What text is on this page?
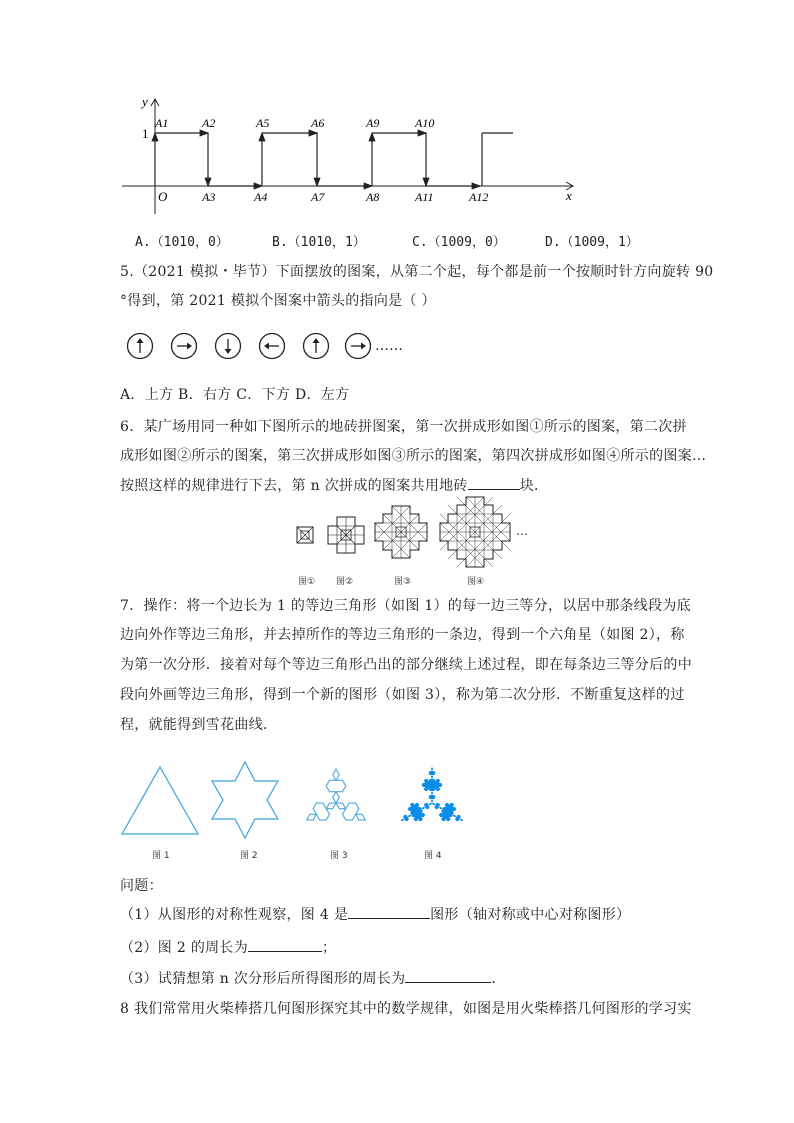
y
x
O
1
A1	A2	A5	A6	A9	A10
A3	A4	A7	A8	A11	A12
A.（1010，0）	B.（1010，1）	C.（1009，0）	D.（1009，1）
5.（2021 模拟・毕节）下面摆放的图案，从第二个起，每个都是前一个按顺时针方向旋转 90
°得到，第 2021 模拟个图案中箭头的指向是（ ）
……
A．上方 B．右方 C．下方 D．左方
6．某广场用同一种如下图所示的地砖拼图案，第一次拼成形如图①所示的图案，第二次拼
成形如图②所示的图案，第三次拼成形如图③所示的图案，第四次拼成形如图④所示的图案…
按照这样的规律进行下去，第 n 次拼成的图案共用地砖	块．
…
图① 图②	图③	图④
7．操作：将一个边长为 1 的等边三角形（如图 1）的每一边三等分，以居中那条线段为底
边向外作等边三角形，并去掉所作的等边三角形的一条边，得到一个六角星（如图 2），称
为第一次分形．接着对每个等边三角形凸出的部分继续上述过程，即在每条边三等分后的中
段向外画等边三角形，得到一个新的图形（如图 3），称为第二次分形．不断重复这样的过
程，就能得到雪花曲线．
图 1	图 2	图 3	图 4
问题：
（1）从图形的对称性观察，图 4 是	图形（轴对称或中心对称图形）
（2）图 2 的周长为	；
（3）试猜想第 n 次分形后所得图形的周长为	．
8 我们常常用火柴棒搭几何图形探究其中的数学规律，如图是用火柴棒搭几何图形的学习实
